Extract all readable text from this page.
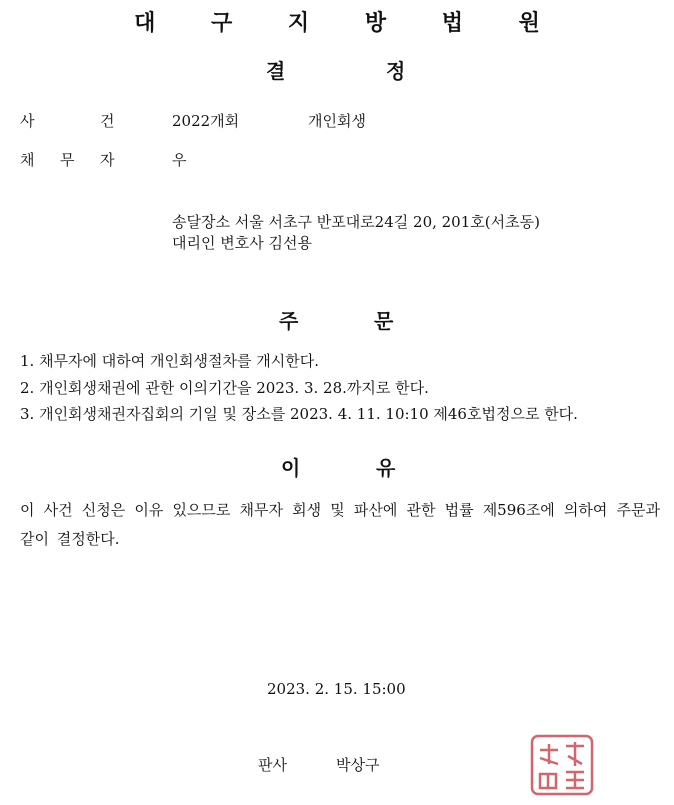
대 구 지 방 법 원
결	정
사	건	2022개회	개인회생
채 무 자	우
송달장소 서울 서초구 반포대로24길 20, 201호(서초동)
대리인 변호사 김선용
주	문
1. 채무자에 대하여 개인회생절차를 개시한다.
2. 개인회생채권에 관한 이의기간을 2023. 3. 28.까지로 한다.
3. 개인회생채권자집회의 기일 및 장소를 2023. 4. 11. 10:10 제46호법정으로 한다.
이	유
이 사건 신청은 이유 있으므로 채무자 회생 및 파산에 관한 법률 제596조에 의하여 주문과 같이 결정한다.
2023. 2. 15. 15:00
판사	박상구
